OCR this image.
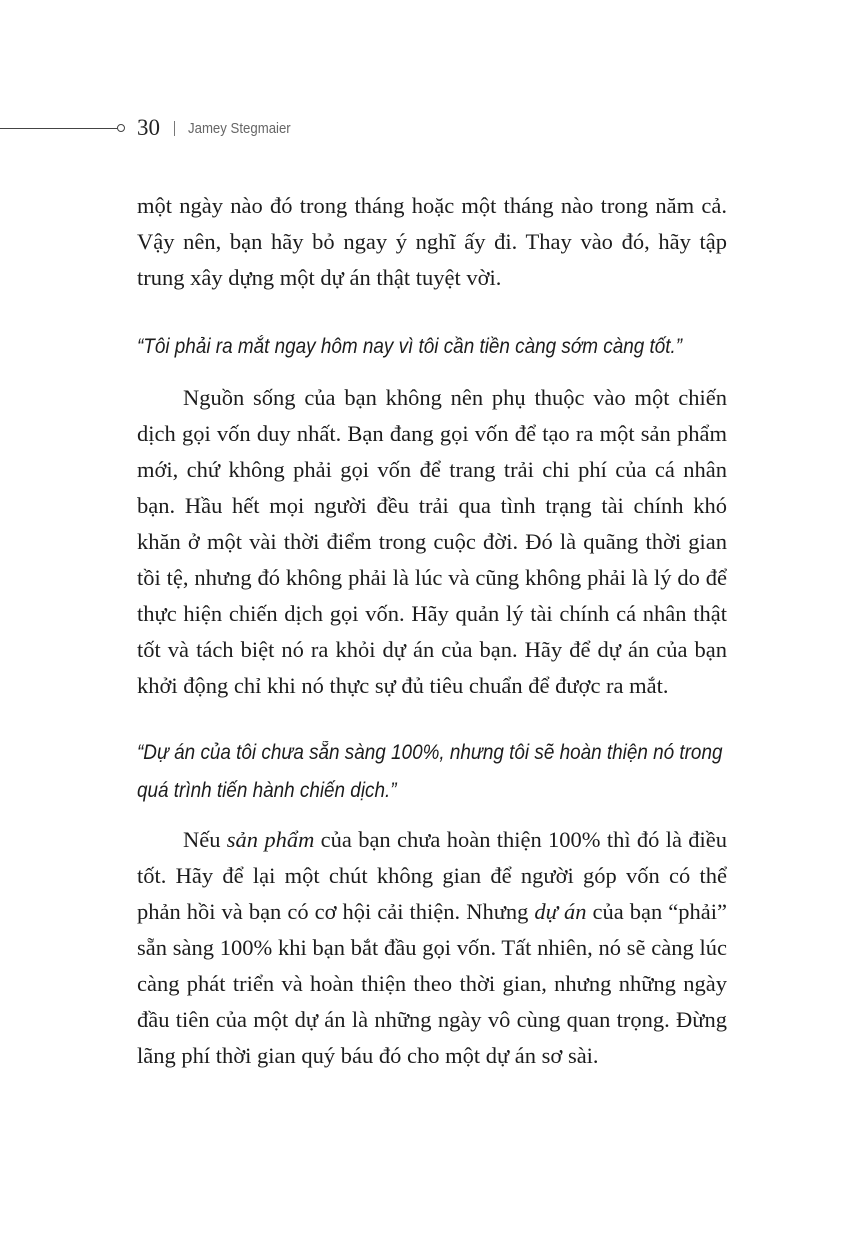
30 Jamey Stegmaier

một ngày nào đó trong tháng hoặc một tháng nào trong năm cả. Vậy nên, bạn hãy bỏ ngay ý nghĩ ấy đi. Thay vào đó, hãy tập trung xây dựng một dự án thật tuyệt vời.

“Tôi phải ra mắt ngay hôm nay vì tôi cần tiền càng sớm càng tốt.”

Nguồn sống của bạn không nên phụ thuộc vào một chiến dịch gọi vốn duy nhất. Bạn đang gọi vốn để tạo ra một sản phẩm mới, chứ không phải gọi vốn để trang trải chi phí của cá nhân bạn. Hầu hết mọi người đều trải qua tình trạng tài chính khó khăn ở một vài thời điểm trong cuộc đời. Đó là quãng thời gian tồi tệ, nhưng đó không phải là lúc và cũng không phải là lý do để thực hiện chiến dịch gọi vốn. Hãy quản lý tài chính cá nhân thật tốt và tách biệt nó ra khỏi dự án của bạn. Hãy để dự án của bạn khởi động chỉ khi nó thực sự đủ tiêu chuẩn để được ra mắt.

“Dự án của tôi chưa sẵn sàng 100%, nhưng tôi sẽ hoàn thiện nó trong quá trình tiến hành chiến dịch.”

Nếu sản phẩm của bạn chưa hoàn thiện 100% thì đó là điều tốt. Hãy để lại một chút không gian để người góp vốn có thể phản hồi và bạn có cơ hội cải thiện. Nhưng dự án của bạn “phải” sẵn sàng 100% khi bạn bắt đầu gọi vốn. Tất nhiên, nó sẽ càng lúc càng phát triển và hoàn thiện theo thời gian, nhưng những ngày đầu tiên của một dự án là những ngày vô cùng quan trọng. Đừng lãng phí thời gian quý báu đó cho một dự án sơ sài.
